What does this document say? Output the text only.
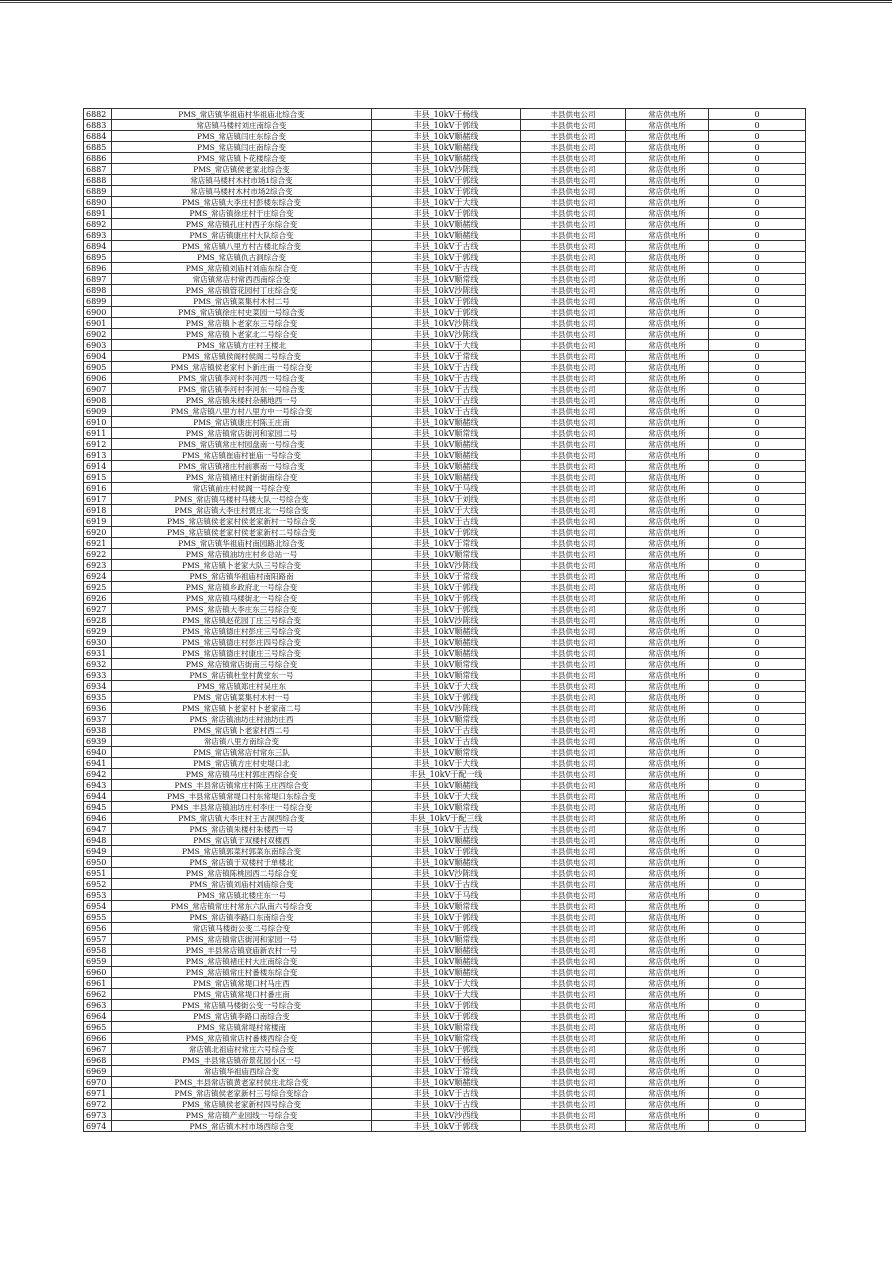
6882	PMS_常店镇华祖庙村华祖庙北综合变	丰县_10kV于杨线	丰县供电公司	常店供电所	0
6883	常店镇马楼村刘庄南综合变	丰县_10kV于郭线	丰县供电公司	常店供电所	0
6884	PMS_常店镇闫庄东综合变	丰县_10kV顺赭线	丰县供电公司	常店供电所	0
6885	PMS_常店镇闫庄南综合变	丰县_10kV顺赭线	丰县供电公司	常店供电所	0
6886	PMS_常店镇卜花楼综合变	丰县_10kV顺赭线	丰县供电公司	常店供电所	0
6887	PMS_常店镇侯老家北综合变	丰县_10kV沙陈线	丰县供电公司	常店供电所	0
6888	常店镇马楼村木村市场1综合变	丰县_10kV于郭线	丰县供电公司	常店供电所	0
6889	常店镇马楼村木村市场2综合变	丰县_10kV于郭线	丰县供电公司	常店供电所	0
6890	PMS_常店镇大李庄村彭楼东综合变	丰县_10kV于大线	丰县供电公司	常店供电所	0
6891	PMS_常店镇徐庄村于庄综合变	丰县_10kV于郭线	丰县供电公司	常店供电所	0
6892	PMS_常店镇孔庄村西子东综合变	丰县_10kV顺赭线	丰县供电公司	常店供电所	0
6893	PMS_常店镇康庄村大队综合变	丰县_10kV顺赭线	丰县供电公司	常店供电所	0
6894	PMS_常店镇八里方村古楼北综合变	丰县_10kV于古线	丰县供电公司	常店供电所	0
6895	PMS_常店镇仇古洞综合变	丰县_10kV于郭线	丰县供电公司	常店供电所	0
6896	PMS_常店镇刘庙村刘庙东综合变	丰县_10kV于古线	丰县供电公司	常店供电所	0
6897	常店镇常店村常西西南综合变	丰县_10kV顺常线	丰县供电公司	常店供电所	0
6898	PMS_常店镇管花园村丁庄综合变	丰县_10kV沙陈线	丰县供电公司	常店供电所	0
6899	PMS_常店镇菜集村木村二号	丰县_10kV于郭线	丰县供电公司	常店供电所	0
6900	PMS_常店镇徐庄村史菜园一号综合变	丰县_10kV于郭线	丰县供电公司	常店供电所	0
6901	PMS_常店镇卜老家东三号综合变	丰县_10kV沙陈线	丰县供电公司	常店供电所	0
6902	PMS_常店镇卜老家北二号综合变	丰县_10kV沙陈线	丰县供电公司	常店供电所	0
6903	PMS_常店镇方庄村王楼北	丰县_10kV于大线	丰县供电公司	常店供电所	0
6904	PMS_常店镇侯阁村侯阁二号综合变	丰县_10kV于常线	丰县供电公司	常店供电所	0
6905	PMS_常店镇侯老家村卜新庄南一号综合变	丰县_10kV于古线	丰县供电公司	常店供电所	0
6906	PMS_常店镇李河村李河西一号综合变	丰县_10kV于古线	丰县供电公司	常店供电所	0
6907	PMS_常店镇李河村李河东一号综合变	丰县_10kV于古线	丰县供电公司	常店供电所	0
6908	PMS_常店镇朱楼村杂赭地西一号	丰县_10kV于古线	丰县供电公司	常店供电所	0
6909	PMS_常店镇八里方村八里方中一号综合变	丰县_10kV于古线	丰县供电公司	常店供电所	0
6910	PMS_常店镇康庄村陈王庄南	丰县_10kV顺赭线	丰县供电公司	常店供电所	0
6911	PMS_常店镇常店街河和家园二号	丰县_10kV顺常线	丰县供电公司	常店供电所	0
6912	PMS_常店镇常庄村园盘南一号综合变	丰县_10kV顺赭线	丰县供电公司	常店供电所	0
6913	PMS_常店镇崔庙村崔庙一号综合变	丰县_10kV顺赭线	丰县供电公司	常店供电所	0
6914	PMS_常店镇褚庄村前寨南一号综合变	丰县_10kV顺赭线	丰县供电公司	常店供电所	0
6915	PMS_常店镇褚庄村新街南综合变	丰县_10kV顺赭线	丰县供电公司	常店供电所	0
6916	常店镇前庄村侯阁一号综合变	丰县_10kV于马线	丰县供电公司	常店供电所	0
6917	PMS_常店镇马楼村马楼大队一号综合变	丰县_10kV于刘线	丰县供电公司	常店供电所	0
6918	PMS_常店镇大李庄村贾庄北一号综合变	丰县_10kV于大线	丰县供电公司	常店供电所	0
6919	PMS_常店镇侯老家村侯老家新村一号综合变	丰县_10kV于古线	丰县供电公司	常店供电所	0
6920	PMS_常店镇侯老家村侯老家新村二号综合变	丰县_10kV于郭线	丰县供电公司	常店供电所	0
6921	PMS_常店镇华祖庙村南园路北综合变	丰县_10kV于常线	丰县供电公司	常店供电所	0
6922	PMS_常店镇油坊庄村乡总站一号	丰县_10kV顺常线	丰县供电公司	常店供电所	0
6923	PMS_常店镇卜老家大队三号综合变	丰县_10kV沙陈线	丰县供电公司	常店供电所	0
6924	PMS_常店镇华祖庙村南阳路南	丰县_10kV于常线	丰县供电公司	常店供电所	0
6925	PMS_常店镇乡政府北一号综合变	丰县_10kV于郭线	丰县供电公司	常店供电所	0
6926	PMS_常店镇马楼街北一号综合变	丰县_10kV于郭线	丰县供电公司	常店供电所	0
6927	PMS_常店镇大李庄东三号综合变	丰县_10kV于郭线	丰县供电公司	常店供电所	0
6928	PMS_常店镇赵花园丁庄三号综合变	丰县_10kV沙陈线	丰县供电公司	常店供电所	0
6929	PMS_常店镇德庄村彭庄三号综合变	丰县_10kV顺赭线	丰县供电公司	常店供电所	0
6930	PMS_常店镇德庄村彭庄四号综合变	丰县_10kV顺赭线	丰县供电公司	常店供电所	0
6931	PMS_常店镇德庄村康庄三号综合变	丰县_10kV顺赭线	丰县供电公司	常店供电所	0
6932	PMS_常店镇常店街南三号综合变	丰县_10kV顺常线	丰县供电公司	常店供电所	0
6933	PMS_常店镇杜堂村黄堂东一号	丰县_10kV顺常线	丰县供电公司	常店供电所	0
6934	PMS_常店镇郑庄村吴庄东	丰县_10kV于大线	丰县供电公司	常店供电所	0
6935	PMS_常店镇菜集村木村一号	丰县_10kV于郭线	丰县供电公司	常店供电所	0
6936	PMS_常店镇卜老家村卜老家南二号	丰县_10kV沙陈线	丰县供电公司	常店供电所	0
6937	PMS_常店镇油坊庄村油坊庄西	丰县_10kV顺常线	丰县供电公司	常店供电所	0
6938	PMS_常店镇卜老家村西二号	丰县_10kV于古线	丰县供电公司	常店供电所	0
6939	常店镇八里方南综合变	丰县_10kV于古线	丰县供电公司	常店供电所	0
6940	PMS_常店镇常店村常东三队	丰县_10kV顺常线	丰县供电公司	常店供电所	0
6941	PMS_常店镇方庄村史堤口北	丰县_10kV于大线	丰县供电公司	常店供电所	0
6942	PMS_常店镇马庄村郭庄西综合变	丰县_10kV于配一线	丰县供电公司	常店供电所	0
6943	PMS_丰县常店镇常庄村陈王庄西综合变	丰县_10kV顺赭线	丰县供电公司	常店供电所	0
6944	PMS_丰县常店镇常堤口村东常堤口东综合变	丰县_10kV于大线	丰县供电公司	常店供电所	0
6945	PMS_丰县常店镇油坊庄村李庄一号综合变	丰县_10kV顺常线	丰县供电公司	常店供电所	0
6946	PMS_常店镇大李庄村王古洞西综合变	丰县_10kV于配三线	丰县供电公司	常店供电所	0
6947	PMS_常店镇朱楼村朱楼西一号	丰县_10kV于古线	丰县供电公司	常店供电所	0
6948	PMS_常店镇于双楼村双楼西	丰县_10kV顺赭线	丰县供电公司	常店供电所	0
6949	PMS_常店镇郭菜村郭菜东南综合变	丰县_10kV于郭线	丰县供电公司	常店供电所	0
6950	PMS_常店镇于双楼村于单楼北	丰县_10kV顺赭线	丰县供电公司	常店供电所	0
6951	PMS_常店镇陈桃园西二号综合变	丰县_10kV沙陈线	丰县供电公司	常店供电所	0
6952	PMS_常店镇刘庙村刘庙综合变	丰县_10kV于古线	丰县供电公司	常店供电所	0
6953	PMS_常店镇北楼庄东一号	丰县_10kV于马线	丰县供电公司	常店供电所	0
6954	PMS_常店镇常庄村常东六队南六号综合变	丰县_10kV顺常线	丰县供电公司	常店供电所	0
6955	PMS_常店镇李路口东南综合变	丰县_10kV于郭线	丰县供电公司	常店供电所	0
6956	常店镇马楼街公变二号综合变	丰县_10kV于郭线	丰县供电公司	常店供电所	0
6957	PMS_常店镇常店街河和家园一号	丰县_10kV顺常线	丰县供电公司	常店供电所	0
6958	PMS_丰县常店镇衰庙新农村一号	丰县_10kV顺赭线	丰县供电公司	常店供电所	0
6959	PMS_常店镇褚庄村大庄南综合变	丰县_10kV顺赭线	丰县供电公司	常店供电所	0
6960	PMS_常店镇常庄村番楼东综合变	丰县_10kV顺赭线	丰县供电公司	常店供电所	0
6961	PMS_常店镇常堤口村马庄西	丰县_10kV于大线	丰县供电公司	常店供电所	0
6962	PMS_常店镇常堤口村番庄南	丰县_10kV于大线	丰县供电公司	常店供电所	0
6963	PMS_常店镇马楼街公变一号综合变	丰县_10kV于郭线	丰县供电公司	常店供电所	0
6964	PMS_常店镇李路口南综合变	丰县_10kV于郭线	丰县供电公司	常店供电所	0
6965	PMS_常店镇常堤村常楼南	丰县_10kV顺常线	丰县供电公司	常店供电所	0
6966	PMS_常店镇常店村番楼西综合变	丰县_10kV顺常线	丰县供电公司	常店供电所	0
6967	常店镇北祖庙村常庄六号综合变	丰县_10kV于郭线	丰县供电公司	常店供电所	0
6968	PMS_丰县常店镇帝景花园小区一号	丰县_10kV于杨线	丰县供电公司	常店供电所	0
6969	常店镇华祖庙西综合变	丰县_10kV于常线	丰县供电公司	常店供电所	0
6970	PMS_丰县常店镇黄老家村侯庄北综合变	丰县_10kV顺赭线	丰县供电公司	常店供电所	0
6971	PMS_常店镇侯老家新村三号综合变综合	丰县_10kV于古线	丰县供电公司	常店供电所	0
6972	PMS_常店镇侯老家新村四号综合变	丰县_10kV于古线	丰县供电公司	常店供电所	0
6973	PMS_常店镇产业园线一号综合变	丰县_10kV沙西线	丰县供电公司	常店供电所	0
6974	PMS_常店镇木村市场西综合变	丰县_10kV于郭线	丰县供电公司	常店供电所	0
